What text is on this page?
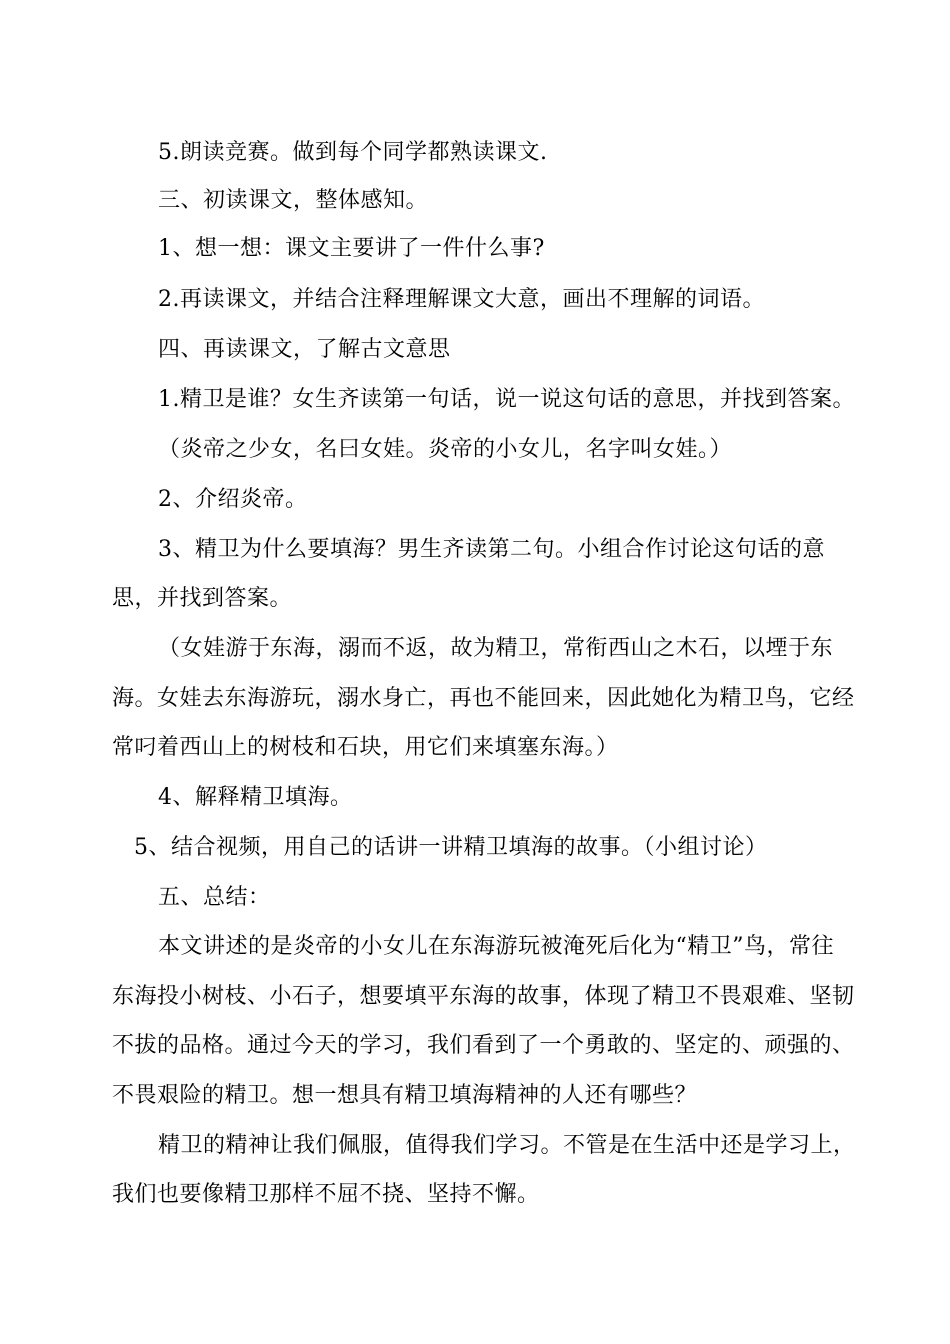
5.朗读竞赛。做到每个同学都熟读课文.
三、初读课文，整体感知。
1、想一想：课文主要讲了一件什么事?
2.再读课文，并结合注释理解课文大意，画出不理解的词语。
四、再读课文，了解古文意思
1.精卫是谁？女生齐读第一句话，说一说这句话的意思，并找到答案。
（炎帝之少女，名曰女娃。炎帝的小女儿，名字叫女娃。）
2、介绍炎帝。
3、精卫为什么要填海？男生齐读第二句。小组合作讨论这句话的意
思，并找到答案。
（女娃游于东海，溺而不返，故为精卫，常衔西山之木石，以堙于东
海。女娃去东海游玩，溺水身亡，再也不能回来，因此她化为精卫鸟，它经
常叼着西山上的树枝和石块，用它们来填塞东海。）
4、解释精卫填海。
5、结合视频，用自己的话讲一讲精卫填海的故事。（小组讨论）
五、总结：
本文讲述的是炎帝的小女儿在东海游玩被淹死后化为“精卫”鸟，常往
东海投小树枝、小石子，想要填平东海的故事，体现了精卫不畏艰难、坚韧
不拔的品格。通过今天的学习，我们看到了一个勇敢的、坚定的、顽强的、
不畏艰险的精卫。想一想具有精卫填海精神的人还有哪些？
精卫的精神让我们佩服，值得我们学习。不管是在生活中还是学习上，
我们也要像精卫那样不屈不挠、坚持不懈。
